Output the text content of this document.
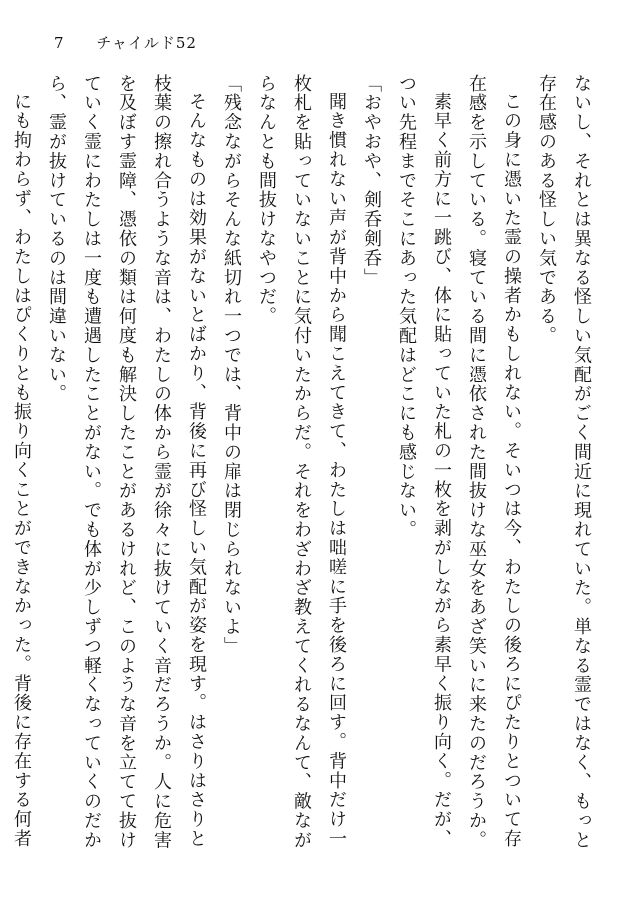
7 チャイルド52

ないし、それとは異なる怪しい気配がごく間近に現れていた。単なる霊ではなく、もっと存在感のある怪しい気である。

この身に憑いた霊の操者かもしれない。そいつは今、わたしの後ろにぴたりとついて存在感を示している。寝ている間に憑依された間抜けな巫女をあざ笑いに来たのだろうか。

素早く前方に一跳び、体に貼っていた札の一枚を剥がしながら素早く振り向く。だが、つい先程までそこにあった気配はどこにも感じない。

「おやおや、剣呑剣呑」

聞き慣れない声が背中から聞こえてきて、わたしは咄嗟に手を後ろに回す。背中だけ一枚札を貼っていないことに気付いたからだ。それをわざわざ教えてくれるなんて、敵ながらなんとも間抜けなやつだ。

「残念ながらそんな紙切れ一つでは、背中の扉は閉じられないよ」

そんなものは効果がないとばかり、背後に再び怪しい気配が姿を現す。はさりはさりと枝葉の擦れ合うような音は、わたしの体から霊が徐々に抜けていく音だろうか。人に危害を及ぼす霊障、憑依の類は何度も解決したことがあるけれど、このような音を立てて抜けていく霊にわたしは一度も遭遇したことがない。でも体が少しずつ軽くなっていくのだから、霊が抜けているのは間違いない。

にも拘わらず、わたしはぴくりとも振り向くことができなかった。背後に存在する何者
